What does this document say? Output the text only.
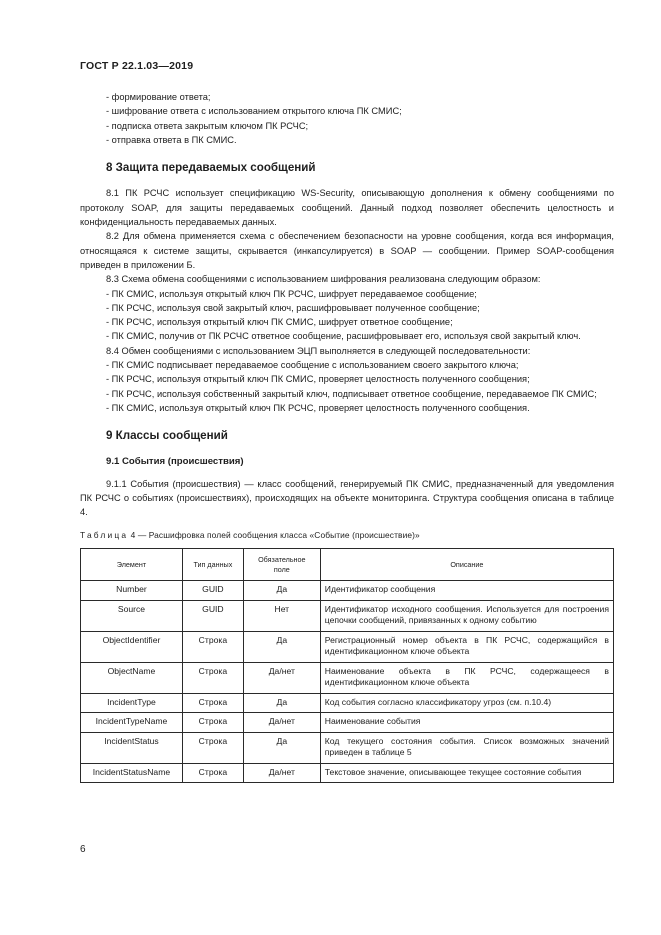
ГОСТ Р 22.1.03—2019

- формирование ответа;

- шифрование ответа с использованием открытого ключа ПК СМИС;

- подписка ответа закрытым ключом ПК РСЧС;

- отправка ответа в ПК СМИС.

8 Защита передаваемых сообщений

8.1 ПК РСЧС использует спецификацию WS-Security, описывающую дополнения к обмену сообщениями по протоколу SOAP, для защиты передаваемых сообщений. Данный подход позволяет обеспечить целостность и конфиденциальность передаваемых данных.

8.2 Для обмена применяется схема с обеспечением безопасности на уровне сообщения, когда вся информация, относящаяся к системе защиты, скрывается (инкапсулируется) в SOAP — сообщении. Пример SOAP-сообщения приведен в приложении Б.

8.3 Схема обмена сообщениями с использованием шифрования реализована следующим образом:

- ПК СМИС, используя открытый ключ ПК РСЧС, шифрует передаваемое сообщение;

- ПК РСЧС, используя свой закрытый ключ, расшифровывает полученное сообщение;

- ПК РСЧС, используя открытый ключ ПК СМИС, шифрует ответное сообщение;

- ПК СМИС, получив от ПК РСЧС ответное сообщение, расшифровывает его, используя свой закрытый ключ.

8.4 Обмен сообщениями с использованием ЭЦП выполняется в следующей последовательности:

- ПК СМИС подписывает передаваемое сообщение с использованием своего закрытого ключа;

- ПК РСЧС, используя открытый ключ ПК СМИС, проверяет целостность полученного сообщения;

- ПК РСЧС, используя собственный закрытый ключ, подписывает ответное сообщение, передаваемое ПК СМИС;

- ПК СМИС, используя открытый ключ ПК РСЧС, проверяет целостность полученного сообщения.

9 Классы сообщений
9.1 События (происшествия)

9.1.1 События (происшествия) — класс сообщений, генерируемый ПК СМИС, предназначенный для уведомления ПК РСЧС о событиях (происшествиях), происходящих на объекте мониторинга. Структура сообщения описана в таблице 4.

Таблица 4 — Расшифровка полей сообщения класса «Событие (происшествие)»

Элемент	Тип данных	Обязательное поле	Описание
Number	GUID	Да	Идентификатор сообщения
Source	GUID	Нет	Идентификатор исходного сообщения. Используется для построения цепочки сообщений, привязанных к одному событию
ObjectIdentifier	Строка	Да	Регистрационный номер объекта в ПК РСЧС, содержащийся в идентификационном ключе объекта
ObjectName	Строка	Да/нет	Наименование объекта в ПК РСЧС, содержащееся в идентификационном ключе объекта
IncidentType	Строка	Да	Код события согласно классификатору угроз (см. п.10.4)
IncidentTypeName	Строка	Да/нет	Наименование события
IncidentStatus	Строка	Да	Код текущего состояния события. Список возможных значений приведен в таблице 5
IncidentStatusName	Строка	Да/нет	Текстовое значение, описывающее текущее состояние события
6
